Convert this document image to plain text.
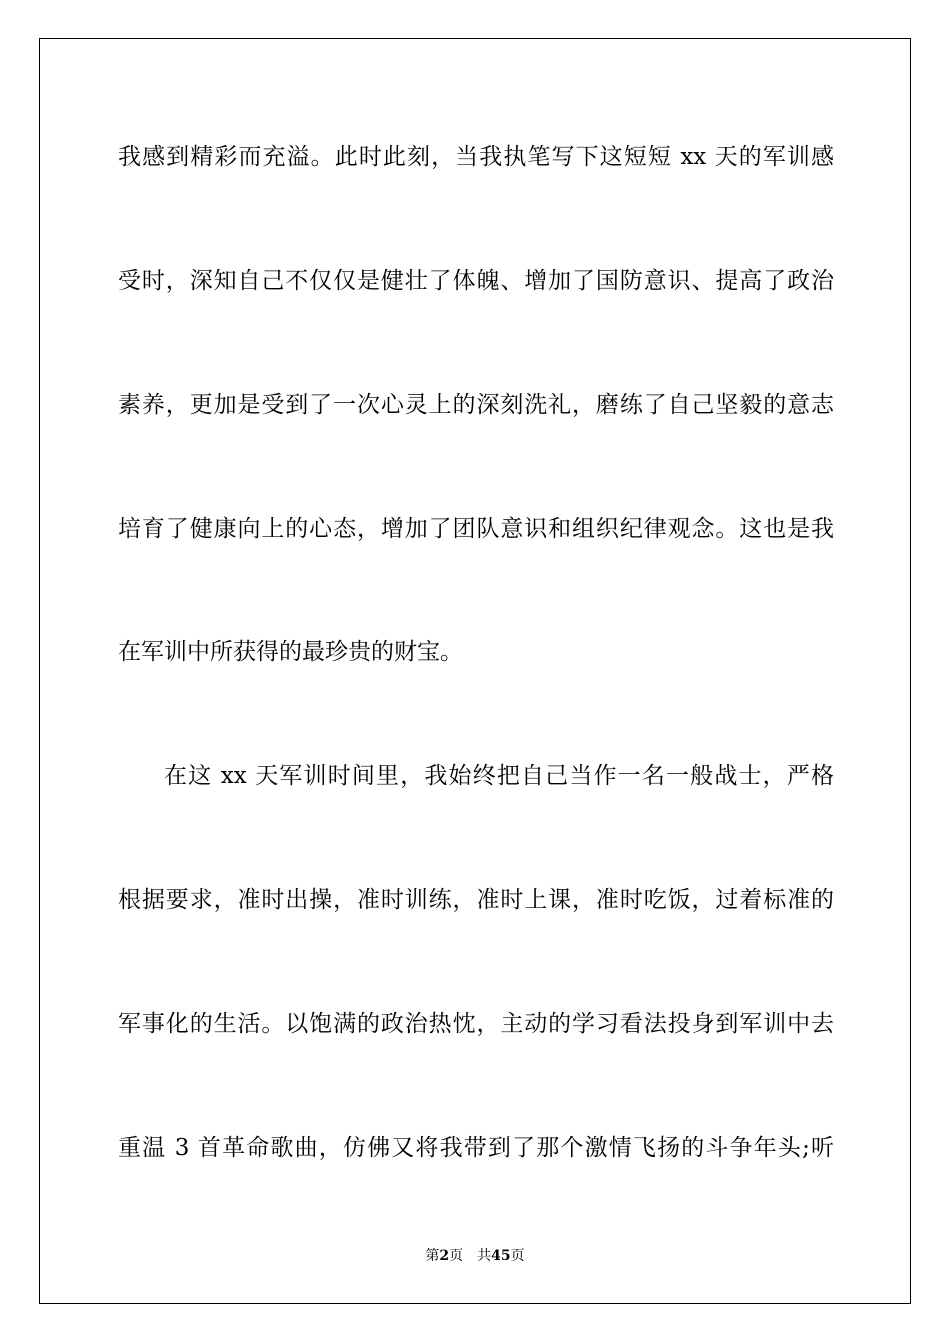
我感到精彩而充溢。此时此刻，当我执笔写下这短短 xx 天的军训感
受时，深知自己不仅仅是健壮了体魄、增加了国防意识、提高了政治
素养，更加是受到了一次心灵上的深刻洗礼，磨练了自己坚毅的意志
培育了健康向上的心态，增加了团队意识和组织纪律观念。这也是我
在军训中所获得的最珍贵的财宝。
在这 xx 天军训时间里，我始终把自己当作一名一般战士，严格
根据要求，准时出操，准时训练，准时上课，准时吃饭，过着标准的
军事化的生活。以饱满的政治热忱，主动的学习看法投身到军训中去
重温 3 首革命歌曲，仿佛又将我带到了那个激情飞扬的斗争年头;听
第2页 共45页
